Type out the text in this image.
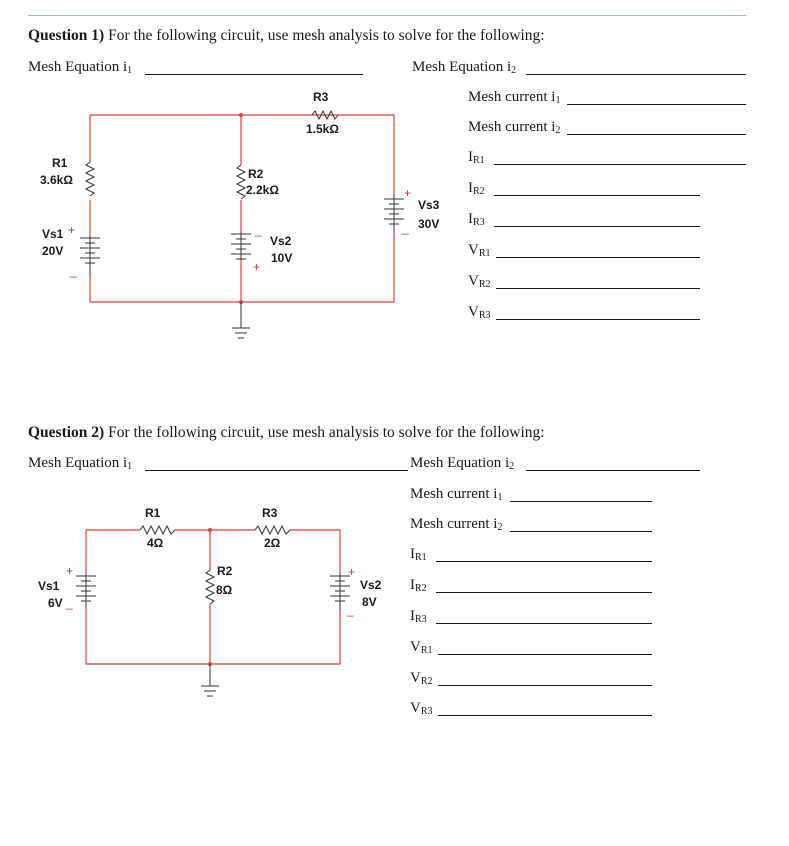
Question 1) For the following circuit, use mesh analysis to solve for the following:
Mesh Equation $i_1$	Mesh Equation $i_2$
Mesh current $i_1$
Mesh current $i_2$
$I_{R1}$
$I_{R2}$
$I_{R3}$
$V_{R1}$
$V_{R2}$
$V_{R3}$
R3
1.5kΩ
R1
3.6kΩ	R2
2.2kΩ
Vs1 +
20V
_
_
Vs2
10V
+
+
Vs3
_ 30V
Question 2) For the following circuit, use mesh analysis to solve for the following:
Mesh Equation $i_1$	Mesh Equation $i_2$
Mesh current $i_1$
Mesh current $i_2$
$I_{R1}$
$I_{R2}$
$I_{R3}$
$V_{R1}$
$V_{R2}$
$V_{R3}$
R1
4Ω
R3
2Ω
R2
8Ω
+
Vs1
6V _
+
Vs2
8V
_
